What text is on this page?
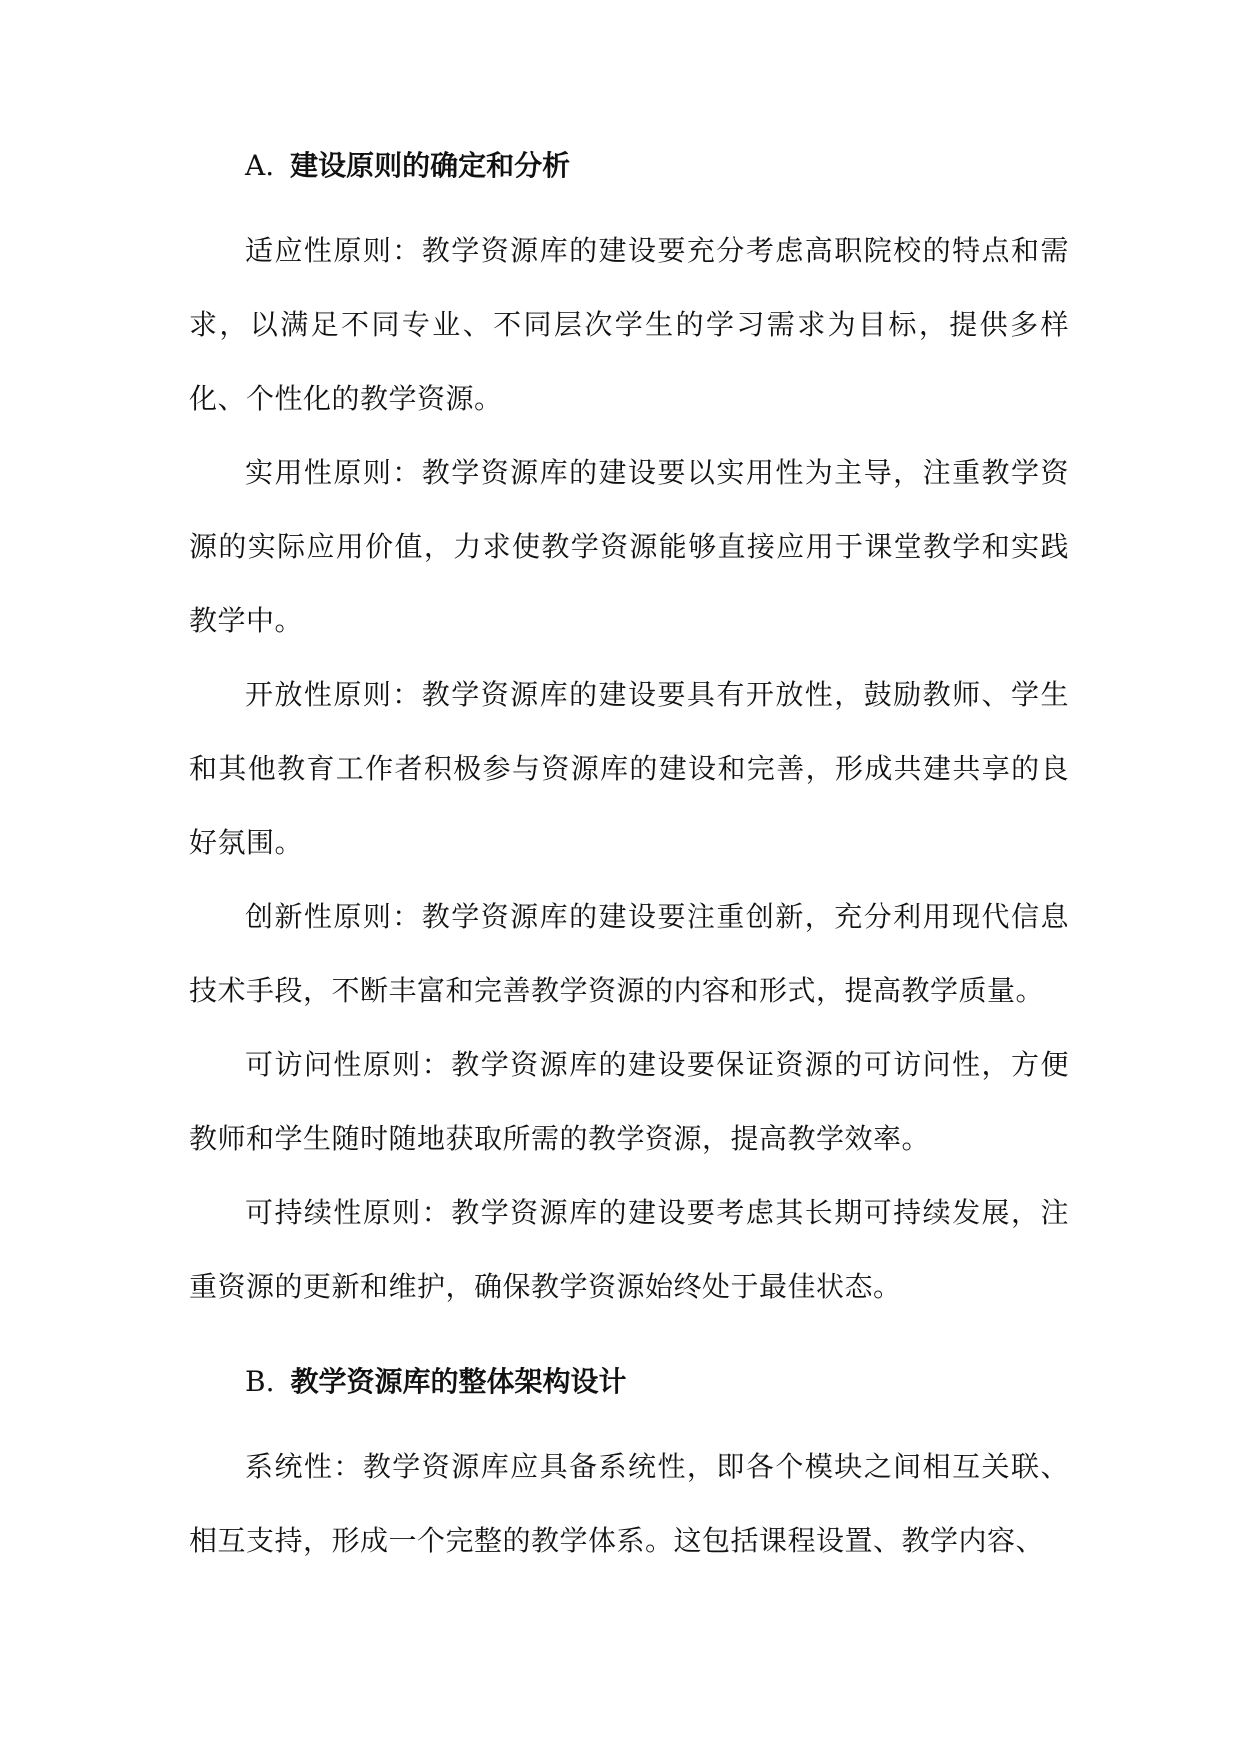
A. 建设原则的确定和分析

适应性原则：教学资源库的建设要充分考虑高职院校的特点和需求，以满足不同专业、不同层次学生的学习需求为目标，提供多样化、个性化的教学资源。

实用性原则：教学资源库的建设要以实用性为主导，注重教学资源的实际应用价值，力求使教学资源能够直接应用于课堂教学和实践教学中。

开放性原则：教学资源库的建设要具有开放性，鼓励教师、学生和其他教育工作者积极参与资源库的建设和完善，形成共建共享的良好氛围。

创新性原则：教学资源库的建设要注重创新，充分利用现代信息技术手段，不断丰富和完善教学资源的内容和形式，提高教学质量。

可访问性原则：教学资源库的建设要保证资源的可访问性，方便教师和学生随时随地获取所需的教学资源，提高教学效率。

可持续性原则：教学资源库的建设要考虑其长期可持续发展，注重资源的更新和维护，确保教学资源始终处于最佳状态。

B. 教学资源库的整体架构设计

系统性：教学资源库应具备系统性，即各个模块之间相互关联、相互支持，形成一个完整的教学体系。这包括课程设置、教学内容、
